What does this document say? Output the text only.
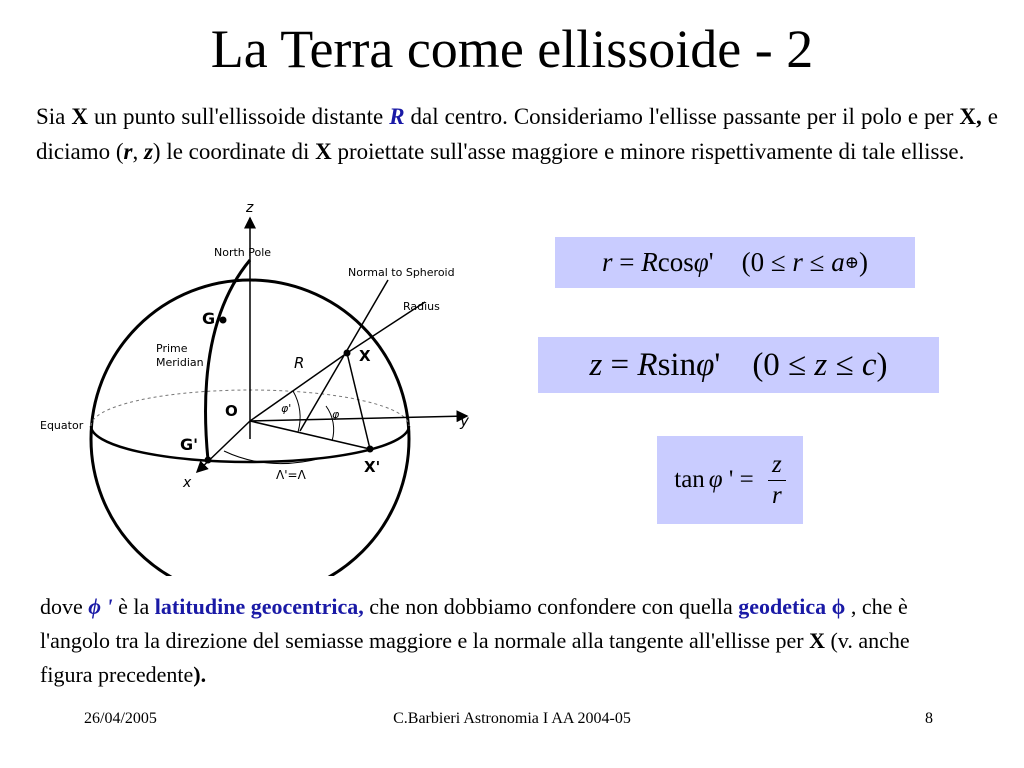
La Terra come ellissoide - 2
Sia X un punto sull'ellissoide distante R dal centro. Consideriamo l'ellisse passante per il polo e per X, e diciamo (r, z) le coordinate di X proiettate sull'asse maggiore e minore rispettivamente di tale ellisse.
z
North Pole
Normal to Spheroid
Radius
G
Prime
Meridian	R	X
O	φ'	φ	y
Equator
G'
Λ'=Λ	X'
x
r = R cos φ ' (0 ≤ r ≤ a ⊕ )
z = R sin φ ' (0 ≤ z ≤ c )
tan φ ' = $\frac{z}{r}$
dove ϕ ' è la latitudine geocentrica, che non dobbiamo confondere con quella geodetica ϕ , che è l'angolo tra la direzione del semiasse maggiore e la normale alla tangente all'ellisse per X (v. anche figura precedente).
26/04/2005	C.Barbieri Astronomia I AA 2004-05	8
